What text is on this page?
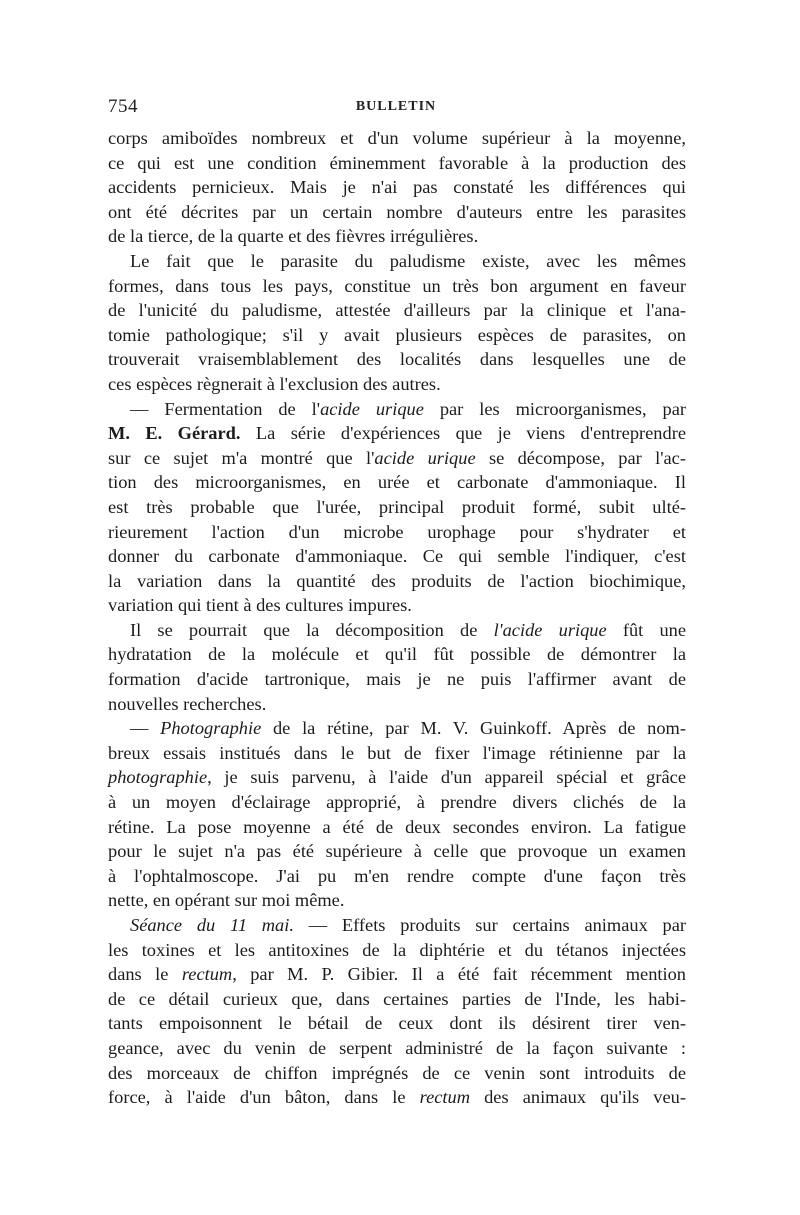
754	BULLETIN

corps amiboïdes nombreux et d'un volume supérieur à la moyenne,
ce qui est une condition éminemment favorable à la production des
accidents pernicieux. Mais je n'ai pas constaté les différences qui
ont été décrites par un certain nombre d'auteurs entre les parasites
de la tierce, de la quarte et des fièvres irrégulières.

Le fait que le parasite du paludisme existe, avec les mêmes
formes, dans tous les pays, constitue un très bon argument en faveur
de l'unicité du paludisme, attestée d'ailleurs par la clinique et l'ana-
tomie pathologique; s'il y avait plusieurs espèces de parasites, on
trouverait vraisemblablement des localités dans lesquelles une de
ces espèces règnerait à l'exclusion des autres.

— Fermentation de l'acide urique par les microorganismes, par
M. E. Gérard. La série d'expériences que je viens d'entreprendre
sur ce sujet m'a montré que l'acide urique se décompose, par l'ac-
tion des microorganismes, en urée et carbonate d'ammoniaque. Il
est très probable que l'urée, principal produit formé, subit ulté-
rieurement l'action d'un microbe urophage pour s'hydrater et
donner du carbonate d'ammoniaque. Ce qui semble l'indiquer, c'est
la variation dans la quantité des produits de l'action biochimique,
variation qui tient à des cultures impures.

Il se pourrait que la décomposition de l'acide urique fût une
hydratation de la molécule et qu'il fût possible de démontrer la
formation d'acide tartronique, mais je ne puis l'affirmer avant de
nouvelles recherches.

— Photographie de la rétine, par M. V. Guinkoff. Après de nom-
breux essais institués dans le but de fixer l'image rétinienne par la
photographie, je suis parvenu, à l'aide d'un appareil spécial et grâce
à un moyen d'éclairage approprié, à prendre divers clichés de la
rétine. La pose moyenne a été de deux secondes environ. La fatigue
pour le sujet n'a pas été supérieure à celle que provoque un examen
à l'ophtalmoscope. J'ai pu m'en rendre compte d'une façon très
nette, en opérant sur moi même.

Séance du 11 mai. — Effets produits sur certains animaux par
les toxines et les antitoxines de la diphtérie et du tétanos injectées
dans le rectum, par M. P. Gibier. Il a été fait récemment mention
de ce détail curieux que, dans certaines parties de l'Inde, les habi-
tants empoisonnent le bétail de ceux dont ils désirent tirer ven-
geance, avec du venin de serpent administré de la façon suivante :
des morceaux de chiffon imprégnés de ce venin sont introduits de
force, à l'aide d'un bâton, dans le rectum des animaux qu'ils veu-
